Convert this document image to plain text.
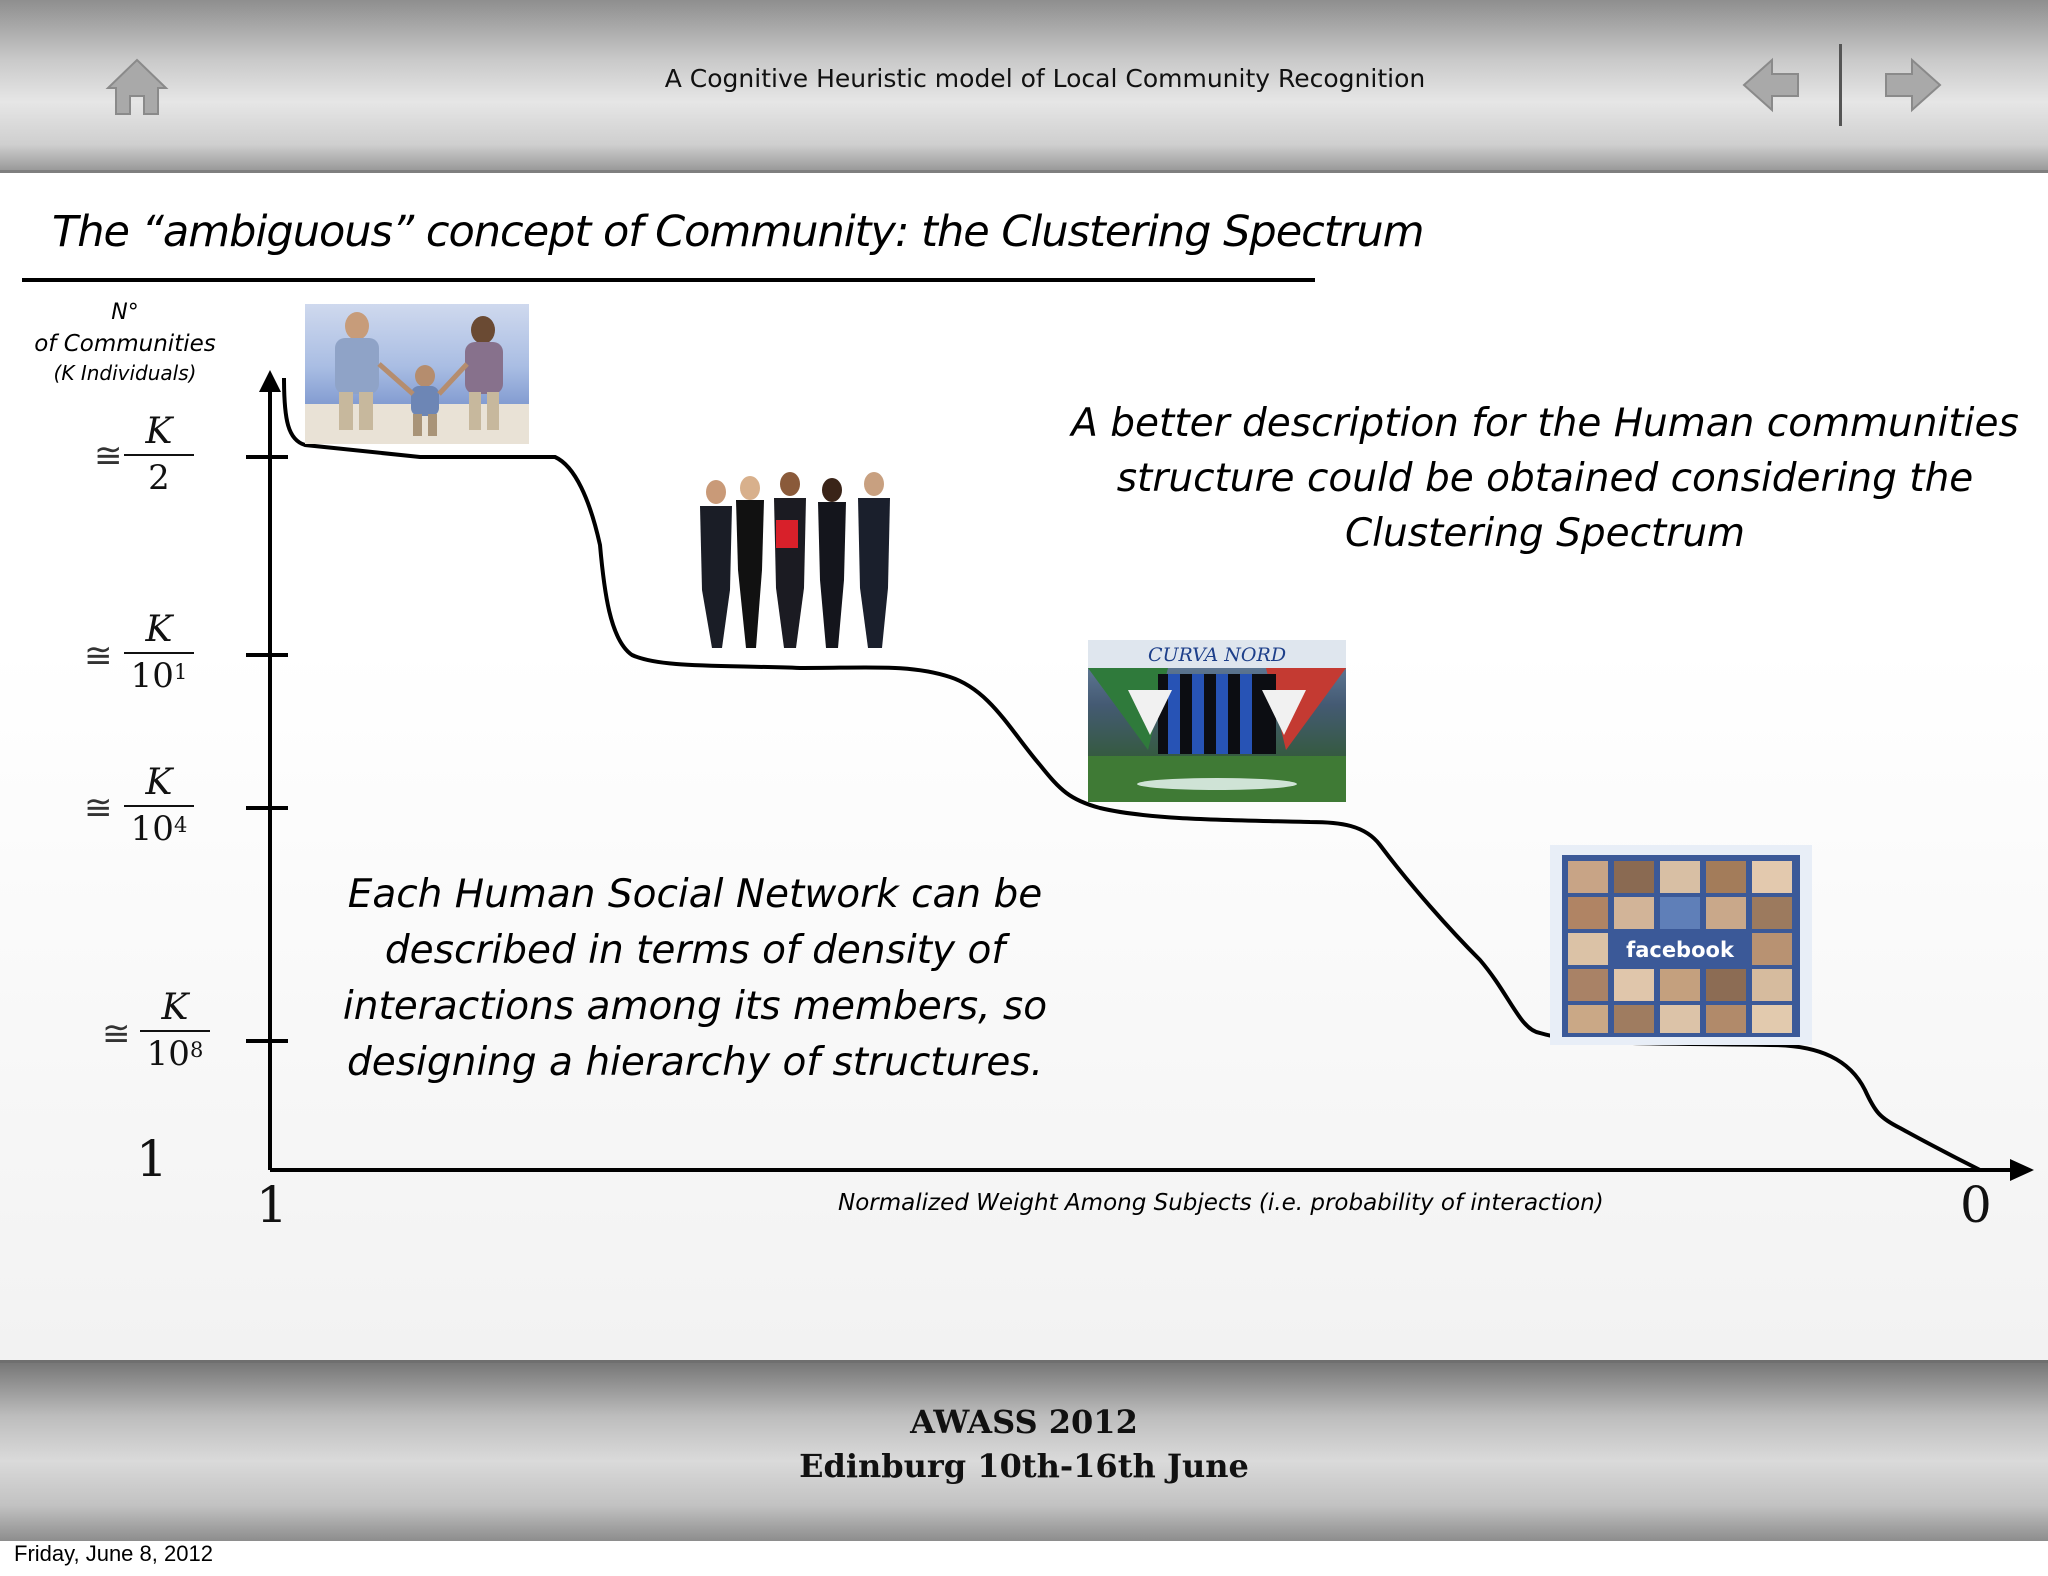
A Cognitive Heuristic model of Local Community Recognition
The “ambiguous” concept of Community: the Clustering Spectrum
N°
of Communities
(K Individuals)
≅ $\frac{K}{2}$
≅ $\frac{K}{10^1}$
≅ $\frac{K}{10^4}$
≅ $\frac{K}{10^8}$
1
1	0
Normalized Weight Among Subjects (i.e. probability of interaction)
CURVA NORD
facebook
A better description for the Human communities
structure could be obtained considering the
Clustering Spectrum
Each Human Social Network can be
described in terms of density of
interactions among its members, so
designing a hierarchy of structures.
AWASS 2012
Edinburg 10th-16th June
Friday, June 8, 2012
